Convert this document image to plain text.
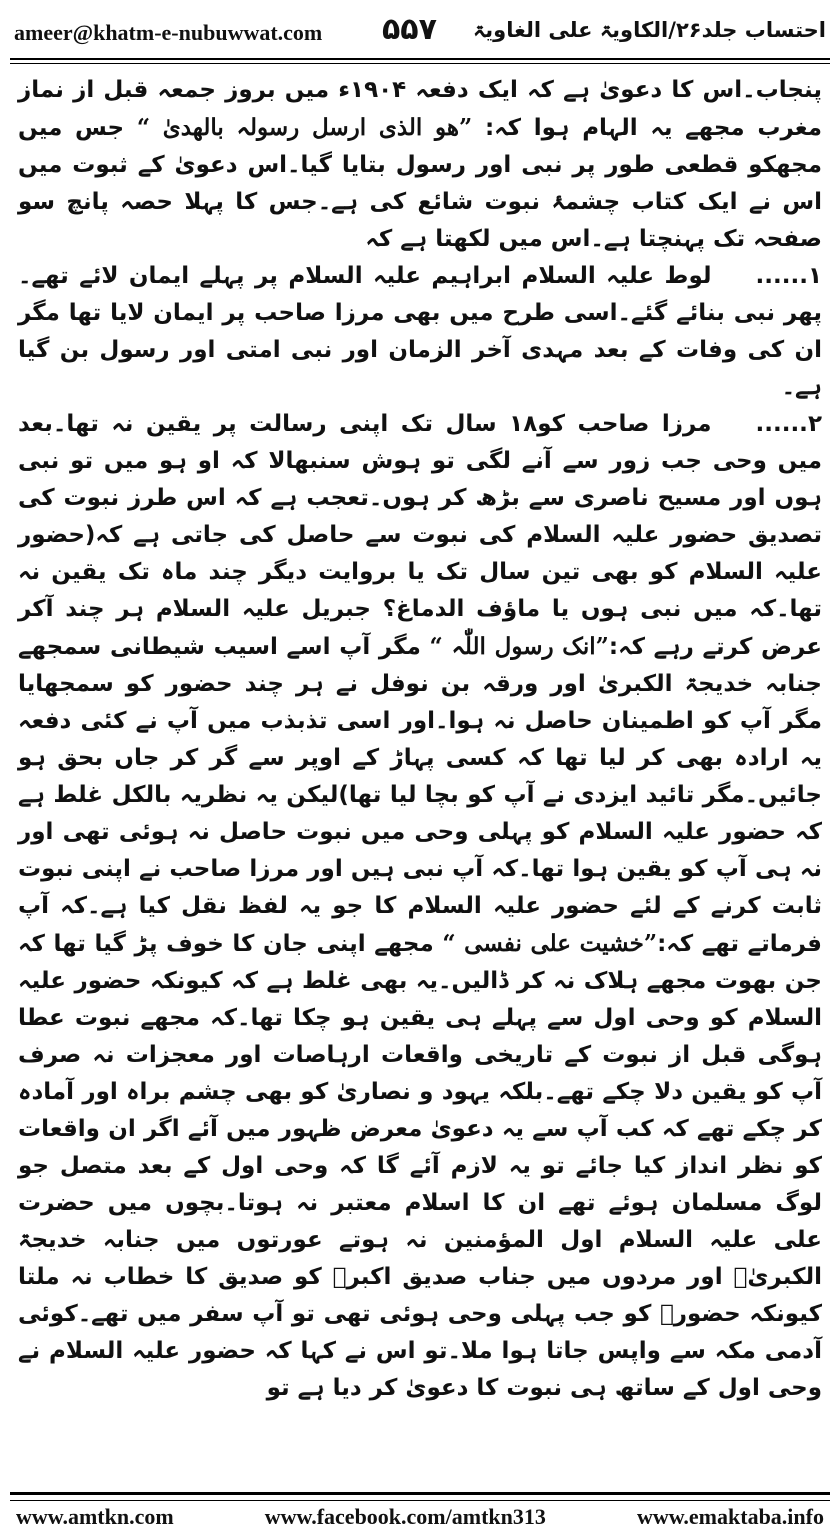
ameer@khatm-e-nubuwwat.com ۵۵۷ احتساب جلد۲۶/الکاویۃ علی الغاویۃ

پنجاب۔اس کا دعویٰ ہے کہ ایک دفعہ ۱۹۰۴ء میں بروز جمعہ قبل از نماز مغرب مجھے یہ الہام ہوا کہ: ”ھو الذی ارسل رسولہ بالھدیٰ “ جس میں مجھکو قطعی طور پر نبی اور رسول بتایا گیا۔اس دعویٰ کے ثبوت میں اس نے ایک کتاب چشمۂ نبوت شائع کی ہے۔جس کا پہلا حصہ پانچ سو صفحہ تک پہنچتا ہے۔اس میں لکھتا ہے کہ

۱......لوط علیہ السلام ابراہیم علیہ السلام پر پہلے ایمان لائے تھے۔پھر نبی بنائے گئے۔اسی طرح میں بھی مرزا صاحب پر ایمان لایا تھا مگر ان کی وفات کے بعد مہدی آخر الزمان اور نبی امتی اور رسول بن گیا ہے۔

۲......مرزا صاحب کو۱۸ سال تک اپنی رسالت پر یقین نہ تھا۔بعد میں وحی جب زور سے آنے لگی تو ہوش سنبھالا کہ او ہو میں تو نبی ہوں اور مسیح ناصری سے بڑھ کر ہوں۔تعجب ہے کہ اس طرز نبوت کی تصدیق حضور علیہ السلام کی نبوت سے حاصل کی جاتی ہے کہ(حضور علیہ السلام کو بھی تین سال تک یا بروایت دیگر چند ماہ تک یقین نہ تھا۔کہ میں نبی ہوں یا ماؤف الدماغ؟ جبریل علیہ السلام ہر چند آکر عرض کرتے رہے کہ:”انک رسول اللّٰہ “ مگر آپ اسے اسیب شیطانی سمجھے جنابہ خدیجۃ الکبریٰ اور ورقہ بن نوفل نے ہر چند حضور کو سمجھایا مگر آپ کو اطمینان حاصل نہ ہوا۔اور اسی تذبذب میں آپ نے کئی دفعہ یہ ارادہ بھی کر لیا تھا کہ کسی پہاڑ کے اوپر سے گر کر جاں بحق ہو جائیں۔مگر تائید ایزدی نے آپ کو بچا لیا تھا)لیکن یہ نظریہ بالکل غلط ہے کہ حضور علیہ السلام کو پہلی وحی میں نبوت حاصل نہ ہوئی تھی اور نہ ہی آپ کو یقین ہوا تھا۔کہ آپ نبی ہیں اور مرزا صاحب نے اپنی نبوت ثابت کرنے کے لئے حضور علیہ السلام کا جو یہ لفظ نقل کیا ہے۔کہ آپ فرماتے تھے کہ:”خشیت علی نفسی “ مجھے اپنی جان کا خوف پڑ گیا تھا کہ جن بھوت مجھے ہلاک نہ کر ڈالیں۔یہ بھی غلط ہے کہ کیونکہ حضور علیہ السلام کو وحی اول سے پہلے ہی یقین ہو چکا تھا۔کہ مجھے نبوت عطا ہوگی قبل از نبوت کے تاریخی واقعات ارہاصات اور معجزات نہ صرف آپ کو یقین دلا چکے تھے۔بلکہ یہود و نصاریٰ کو بھی چشم براہ اور آمادہ کر چکے تھے کہ کب آپ سے یہ دعویٰ معرض ظہور میں آئے اگر ان واقعات کو نظر انداز کیا جائے تو یہ لازم آئے گا کہ وحی اول کے بعد متصل جو لوگ مسلمان ہوئے تھے ان کا اسلام معتبر نہ ہوتا۔بچوں میں حضرت علی علیہ السلام اول المؤمنین نہ ہوتے عورتوں میں جنابہ خدیجۃ الکبریٰؓ اور مردوں میں جناب صدیق اکبرؓ کو صدیق کا خطاب نہ ملتا کیونکہ حضورؐ کو جب پہلی وحی ہوئی تھی تو آپ سفر میں تھے۔کوئی آدمی مکہ سے واپس جاتا ہوا ملا۔تو اس نے کہا کہ حضور علیہ السلام نے وحی اول کے ساتھ ہی نبوت کا دعویٰ کر دیا ہے تو

www.amtkn.com	www.facebook.com/amtkn313	www.emaktaba.info
